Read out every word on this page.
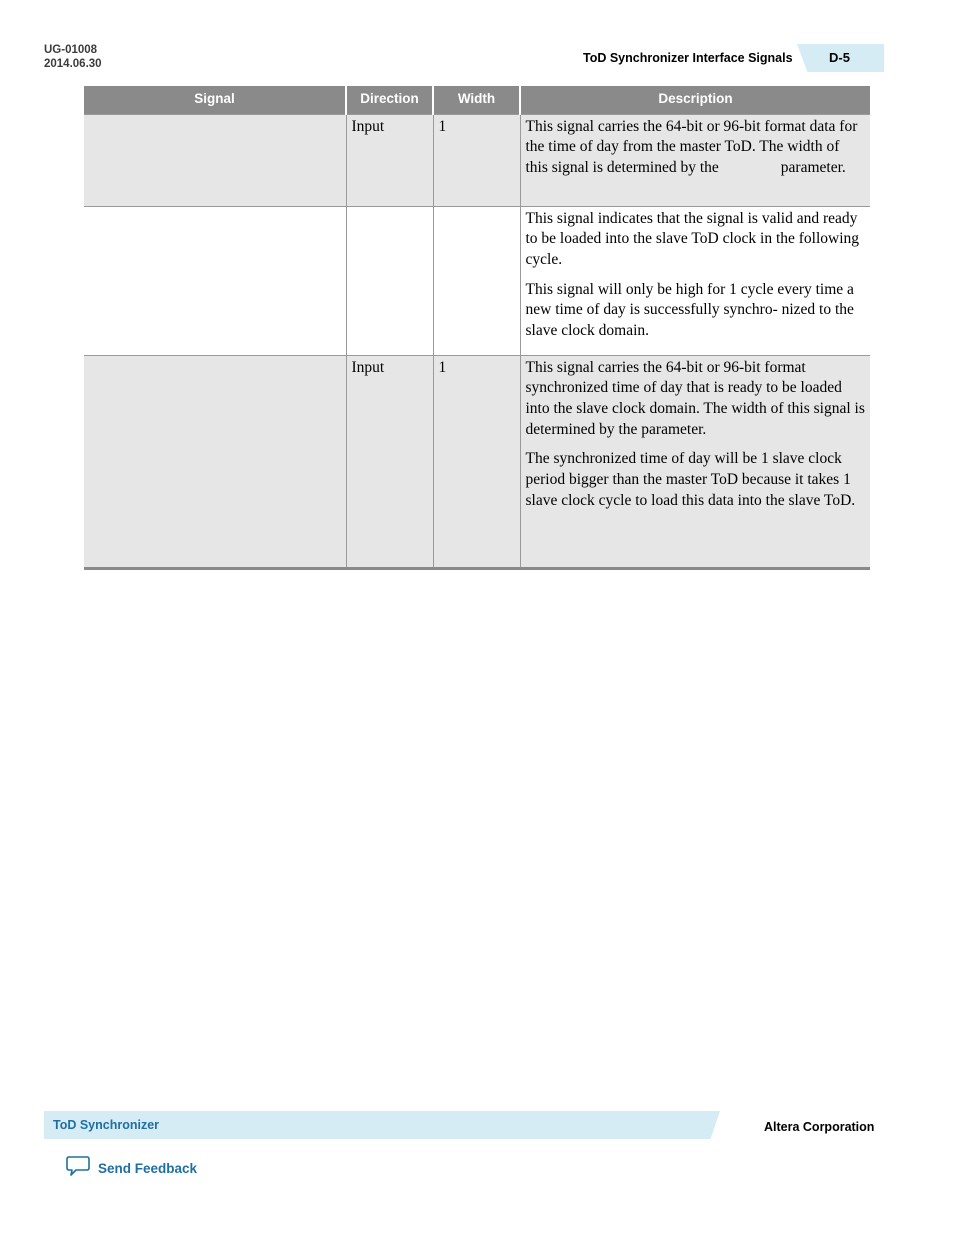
UG-01008
2014.06.30	ToD Synchronizer Interface Signals	D-5
Signal	Direction	Width	Description
	Input	1	This signal carries the 64-bit or 96-bit format data for the time of day from the master ToD. The width of this signal is determined by the                parameter.

			This signal indicates that the signal is valid and ready to be loaded into the slave ToD clock in the following cycle.
This signal will only be high for 1 cycle every time a new time of day is successfully synchro- nized to the slave clock domain.

	Input	1	This signal carries the 64-bit or 96-bit format synchronized time of day that is ready to be loaded into the slave clock domain. The width of this signal is determined by the parameter.
The synchronized time of day will be 1 slave clock period bigger than the master ToD because it takes 1 slave clock cycle to load this data into the slave ToD.
ToD Synchronizer	Altera Corporation
Send Feedback
